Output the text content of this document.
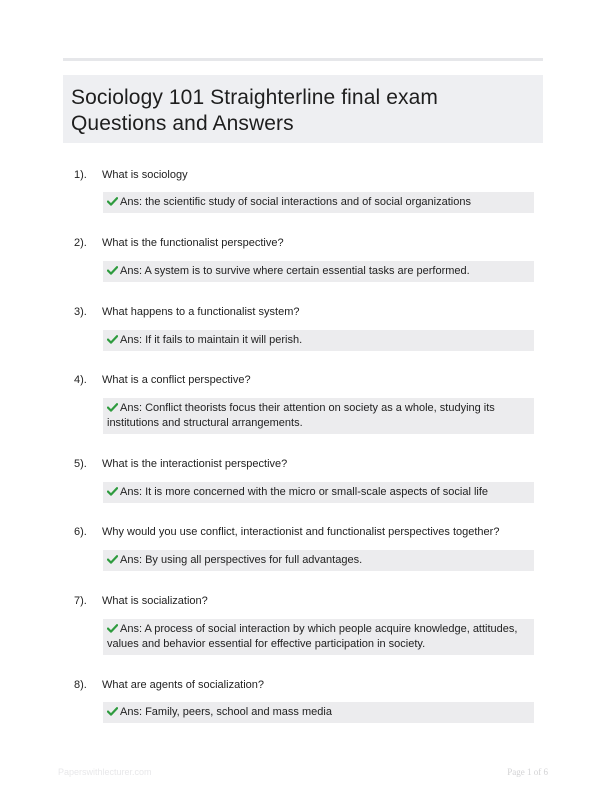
Sociology 101 Straighterline final exam Questions and Answers
1). What is sociology
Ans: the scientific study of social interactions and of social organizations
2). What is the functionalist perspective?
Ans: A system is to survive where certain essential tasks are performed.
3). What happens to a functionalist system?
Ans: If it fails to maintain it will perish.
4). What is a conflict perspective?
Ans: Conflict theorists focus their attention on society as a whole, studying its institutions and structural arrangements.
5). What is the interactionist perspective?
Ans: It is more concerned with the micro or small-scale aspects of social life
6). Why would you use conflict, interactionist and functionalist perspectives together?
Ans: By using all perspectives for full advantages.
7). What is socialization?
Ans: A process of social interaction by which people acquire knowledge, attitudes, values and behavior essential for effective participation in society.
8). What are agents of socialization?
Ans: Family, peers, school and mass media
Paperswithlecturer.com	Page 1 of 6
